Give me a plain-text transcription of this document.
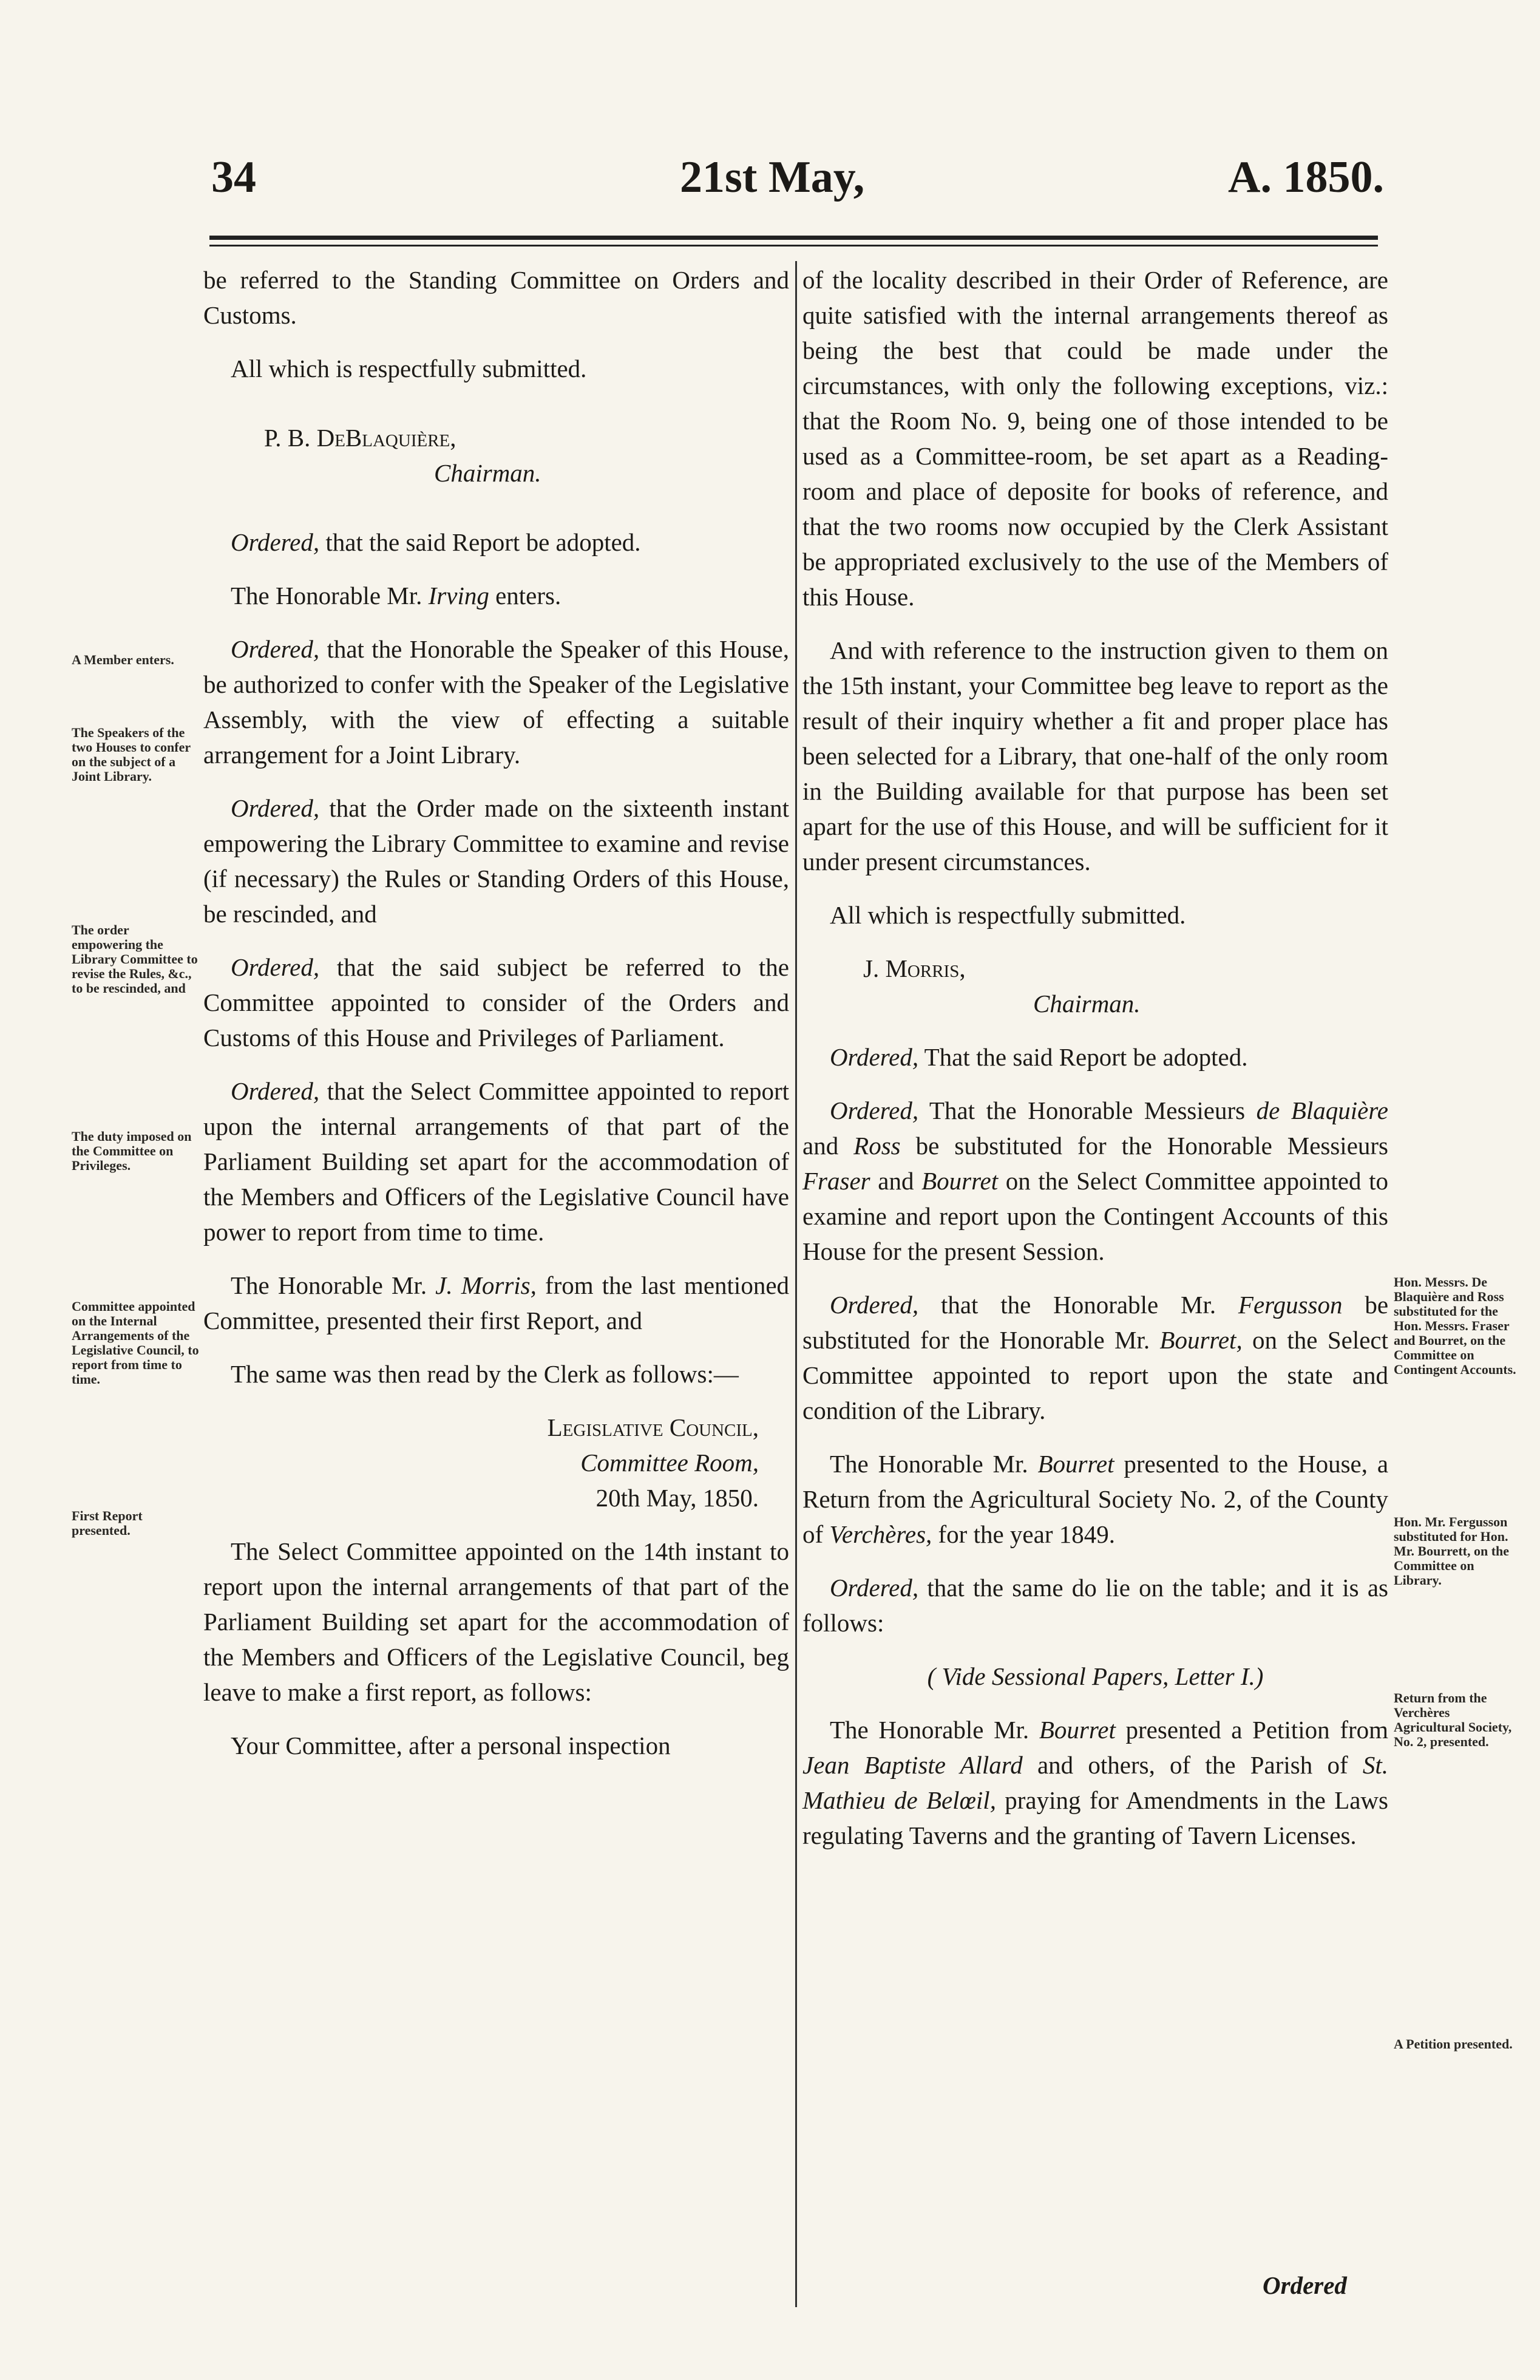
34	21st May,	A. 1850.

be referred to the Standing Committee on Orders and Customs.

All which is respectfully submitted.

P. B. DeBlaquière,

Chairman.

Ordered, that the said Report be adopted.

The Honorable Mr. Irving enters.

Ordered, that the Honorable the Speaker of this House, be authorized to confer with the Speaker of the Legislative Assembly, with the view of effecting a suitable arrangement for a Joint Library.

Ordered, that the Order made on the sixteenth instant empowering the Library Committee to examine and revise (if necessary) the Rules or Standing Orders of this House, be rescinded, and

Ordered, that the said subject be referred to the Committee appointed to consider of the Orders and Customs of this House and Privileges of Parliament.

Ordered, that the Select Committee appointed to report upon the internal arrangements of that part of the Parliament Building set apart for the accommodation of the Members and Officers of the Legislative Council have power to report from time to time.

The Honorable Mr. J. Morris, from the last mentioned Committee, presented their first Report, and

The same was then read by the Clerk as follows:—

Legislative Council,

Committee Room,

20th May, 1850.

The Select Committee appointed on the 14th instant to report upon the internal arrangements of that part of the Parliament Building set apart for the accommodation of the Members and Officers of the Legislative Council, beg leave to make a first report, as follows:

Your Committee, after a personal inspection

of the locality described in their Order of Reference, are quite satisfied with the internal arrangements thereof as being the best that could be made under the circumstances, with only the following exceptions, viz.: that the Room No. 9, being one of those intended to be used as a Committee-room, be set apart as a Reading-room and place of deposite for books of reference, and that the two rooms now occupied by the Clerk Assistant be appropriated exclusively to the use of the Members of this House.

And with reference to the instruction given to them on the 15th instant, your Committee beg leave to report as the result of their inquiry whether a fit and proper place has been selected for a Library, that one-half of the only room in the Building available for that purpose has been set apart for the use of this House, and will be sufficient for it under present circumstances.

All which is respectfully submitted.

J. Morris,

Chairman.

Ordered, That the said Report be adopted.

Ordered, That the Honorable Messieurs de Blaquière and Ross be substituted for the Honorable Messieurs Fraser and Bourret on the Select Committee appointed to examine and report upon the Contingent Accounts of this House for the present Session.

Ordered, that the Honorable Mr. Fergusson be substituted for the Honorable Mr. Bourret, on the Select Committee appointed to report upon the state and condition of the Library.

The Honorable Mr. Bourret presented to the House, a Return from the Agricultural Society No. 2, of the County of Verchères, for the year 1849.

Ordered, that the same do lie on the table; and it is as follows:

( Vide Sessional Papers, Letter I.)

The Honorable Mr. Bourret presented a Petition from Jean Baptiste Allard and others, of the Parish of St. Mathieu de Belœil, praying for Amendments in the Laws regulating Taverns and the granting of Tavern Licenses.

Ordered
A Member enters.
The Speakers of the two Houses to confer on the subject of a Joint Library.
The order empowering the Library Committee to revise the Rules, &c., to be rescinded, and
The duty imposed on the Committee on Privileges.
Committee appointed on the Internal Arrangements of the Legislative Council, to report from time to time.
First Report presented.
Hon. Messrs. De Blaquière and Ross substituted for the Hon. Messrs. Fraser and Bourret, on the Committee on Contingent Accounts.
Hon. Mr. Fergusson substituted for Hon. Mr. Bourrett, on the Committee on Library.
Return from the Verchères Agricultural Society, No. 2, presented.
A Petition presented.
